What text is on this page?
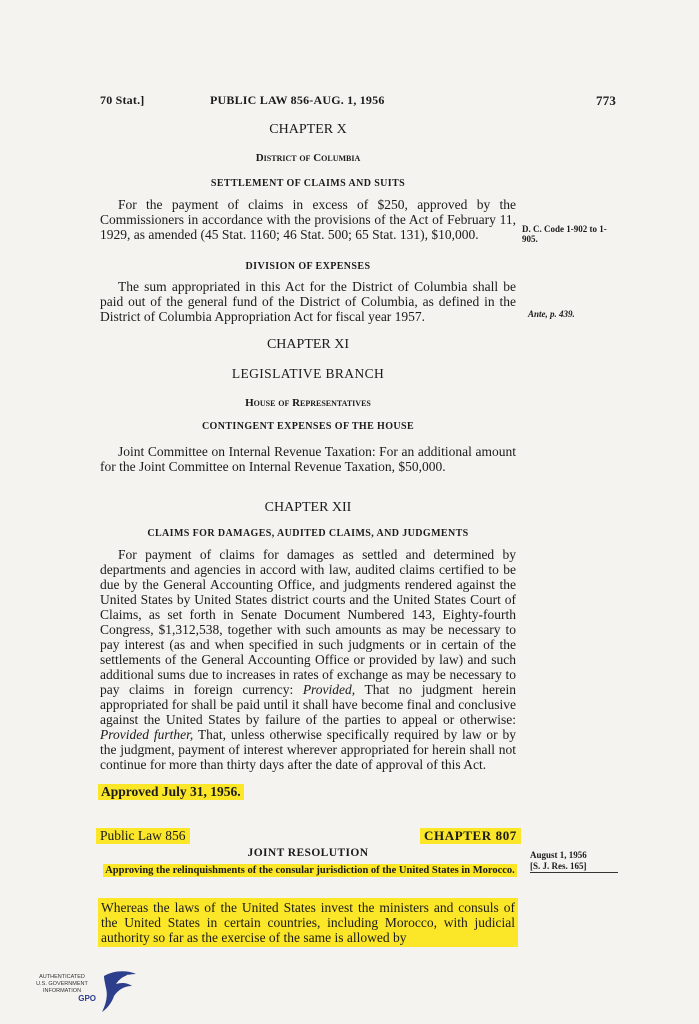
70 Stat.]	PUBLIC LAW 856-AUG. 1, 1956	773
CHAPTER X
District of Columbia
SETTLEMENT OF CLAIMS AND SUITS
For the payment of claims in excess of $250, approved by the Commissioners in accordance with the provisions of the Act of February 11, 1929, as amended (45 Stat. 1160; 46 Stat. 500; 65 Stat. 131), $10,000.	D. C. Code 1-902 to 1-905.
DIVISION OF EXPENSES
The sum appropriated in this Act for the District of Columbia shall be paid out of the general fund of the District of Columbia, as defined in the District of Columbia Appropriation Act for fiscal year 1957.	Ante, p. 439.
CHAPTER XI
LEGISLATIVE BRANCH
House of Representatives
CONTINGENT EXPENSES OF THE HOUSE
Joint Committee on Internal Revenue Taxation: For an additional amount for the Joint Committee on Internal Revenue Taxation, $50,000.
CHAPTER XII
CLAIMS FOR DAMAGES, AUDITED CLAIMS, AND JUDGMENTS
For payment of claims for damages as settled and determined by departments and agencies in accord with law, audited claims certified to be due by the General Accounting Office, and judgments rendered against the United States by United States district courts and the United States Court of Claims, as set forth in Senate Document Numbered 143, Eighty-fourth Congress, $1,312,538, together with such amounts as may be necessary to pay interest (as and when specified in such judgments or in certain of the settlements of the General Accounting Office or provided by law) and such additional sums due to increases in rates of exchange as may be necessary to pay claims in foreign currency: Provided, That no judgment herein appropriated for shall be paid until it shall have become final and conclusive against the United States by failure of the parties to appeal or otherwise: Provided further, That, unless otherwise specifically required by law or by the judgment, payment of interest wherever appropriated for herein shall not continue for more than thirty days after the date of approval of this Act.
Approved July 31, 1956.
Public Law 856	CHAPTER 807
JOINT RESOLUTION	August 1, 1956
[S. J. Res. 165]
Approving the relinquishments of the consular jurisdiction of the United States in Morocco.
Whereas the laws of the United States invest the ministers and consuls of the United States in certain countries, including Morocco, with judicial authority so far as the exercise of the same is allowed by
AUTHENTICATED
U.S. GOVERNMENT
INFORMATION
GPO
